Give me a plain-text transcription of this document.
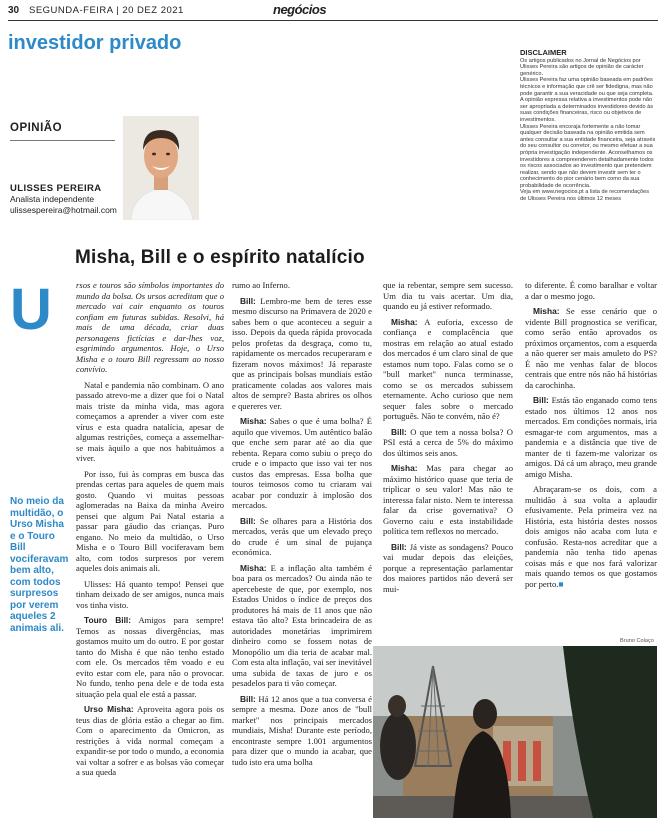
30 SEGUNDA-FEIRA | 20 DEZ 2021	negócios
investidor privado
OPINIÃO
ULISSES PEREIRA
Analista independente
ulissespereira@hotmail.com
DISCLAIMER

Os artigos publicados no Jornal de Negócios por Ulisses Pereira são artigos de opinião de carácter genérico.

Ulisses Pereira faz uma opinião baseada em padrões técnicos e informação que crê ser fidedigna, mas não pode garantir a sua veracidade ou que seja completa. A opinião expressa relativa a investimentos pode não ser apropriada a determinados investidores devido às suas condições financeiras, risco ou objetivos de investimentos.

Ulisses Pereira encoraja fortemente a não tomar qualquer decisão baseada na opinião emitida sem antes consultar a sua entidade financeira, seja através do seu consultor ou corretor, ou mesmo efetuar a sua própria investigação independente. Aconselhamos os investidores a compreenderem detalhadamente todos os riscos associados ao investimento que pretendem realizar, sendo que não devem investir sem ter o conhecimento do pior cenário bem como da sua probabilidade de ocorrência.

Veja em www.negocios.pt a lista de recomendações de Ulisses Pereira nos últimos 12 meses

Misha, Bill e o espírito natalício
U
No meio da multidão, o Urso Misha e o Touro Bill vociferavam bem alto, com todos surpresos por verem aqueles 2 animais ali.

rsos e touros são símbolos importantes do mundo da bolsa. Os ursos acreditam que o mercado vai cair enquanto os touros confiam em futuras subidas. Resolvi, há mais de uma década, criar duas personagens fictícias e dar-lhes voz, esgrimindo argumentos. Hoje, o Urso Misha e o touro Bill regressam ao nosso convívio.

Natal e pandemia não combinam. O ano passado atrevo-me a dizer que foi o Natal mais triste da minha vida, mas agora começamos a aprender a viver com este vírus e esta quadra natalícia, apesar de algumas restrições, começa a assemelhar-se mais àquilo a que nos habituámos a viver.

Por isso, fui às compras em busca das prendas certas para aqueles de quem mais gosto. Quando vi muitas pessoas aglomeradas na Baixa da minha Aveiro pensei que algum Pai Natal estaria a passar para gáudio das crianças. Puro engano. No meio da multidão, o Urso Misha e o Touro Bill vociferavam bem alto, com todos surpresos por verem aqueles dois animais ali.

Ulisses: Há quanto tempo! Pensei que tinham deixado de ser amigos, nunca mais vos tinha visto.

Touro Bill: Amigos para sempre! Temos as nossas divergências, mas gostamos muito um do outro. E por gostar tanto do Misha é que não tenho estado com ele. Os mercados têm voado e eu evito estar com ele, para não o provocar. No fundo, tenho pena dele e de toda esta situação pela qual ele está a passar.

Urso Misha: Aproveita agora pois os teus dias de glória estão a chegar ao fim. Com o aparecimento da Omicron, as restrições à vida normal começam a expandir-se por todo o mundo, a economia vai voltar a sofrer e as bolsas vão começar a sua queda

rumo ao Inferno.

Bill: Lembro-me bem de teres esse mesmo discurso na Primavera de 2020 e sabes bem o que aconteceu a seguir a isso. Depois da queda rápida provocada pelos profetas da desgraça, como tu, rapidamente os mercados recuperaram e fizeram novos máximos! Já reparaste que as principais bolsas mundiais estão praticamente coladas aos valores mais altos de sempre? Basta abrires os olhos e quereres ver.

Misha: Sabes o que é uma bolha? É aquilo que vivemos. Um autêntico balão que enche sem parar até ao dia que rebenta. Repara como subiu o preço do crude e o impacto que isso vai ter nos custos das empresas. Essa bolha que touros teimosos como tu criaram vai acabar por conduzir à implosão dos mercados.

Bill: Se olhares para a História dos mercados, verás que um elevado preço do crude é um sinal de pujança económica.

Misha: E a inflação alta também é boa para os mercados? Ou ainda não te apercebeste de que, por exemplo, nos Estados Unidos o índice de preços dos produtores há mais de 11 anos que não estava tão alto? Esta brincadeira de as autoridades monetárias imprimirem dinheiro como se fossem notas de Monopólio um dia teria de acabar mal. Com esta alta inflação, vai ser inevitável uma subida de taxas de juro e os pesadelos para ti vão começar.

Bill: Há 12 anos que a tua conversa é sempre a mesma. Doze anos de "bull market" nos principais mercados mundiais, Misha! Durante este período, encontraste sempre 1.001 argumentos para dizer que o mundo ia acabar, que tudo isto era uma bolha

que ia rebentar, sempre sem sucesso. Um dia tu vais acertar. Um dia, quando eu já estiver reformado.

Misha: A euforia, excesso de confiança e complacência que mostras em relação ao atual estado dos mercados é um claro sinal de que estamos num topo. Falas como se o "bull market" nunca terminasse, como se os mercados subissem eternamente. Acho curioso que nem sequer fales sobre o mercado português. Não te convém, não é?

Bill: O que tem a nossa bolsa? O PSI está a cerca de 5% do máximo dos últimos seis anos.

Misha: Mas para chegar ao máximo histórico quase que teria de triplicar o seu valor! Mas não te interessa falar nisto. Nem te interessa falar da crise governativa? O Governo caiu e esta instabilidade política tem reflexos no mercado.

Bill: Já viste as sondagens? Pouco vai mudar depois das eleições, porque a representação parlamentar dos maiores partidos não deverá ser mui-

to diferente. É como baralhar e voltar a dar o mesmo jogo.

Misha: Se esse cenário que o vidente Bill prognostica se verificar, como serão então aprovados os próximos orçamentos, com a esquerda a não querer ser mais amuleto do PS? É não me venhas falar de blocos centrais que entre nós não há histórias da carochinha.

Bill: Estás tão enganado como tens estado nos últimos 12 anos nos mercados. Em condições normais, iria esmagar-te com argumentos, mas a pandemia e a distância que tive de manter de ti fazem-me valorizar os amigos. Dá cá um abraço, meu grande amigo Misha.

Abraçaram-se os dois, com a multidão à sua volta a aplaudir efusivamente. Pela primeira vez na História, esta história destes nossos dois amigos não acaba com luta e confusão. Resta-nos acreditar que a pandemia não tenha tido apenas coisas más e que nos fará valorizar mais quando temos os que gostamos por perto.■

Bruno Colaço
